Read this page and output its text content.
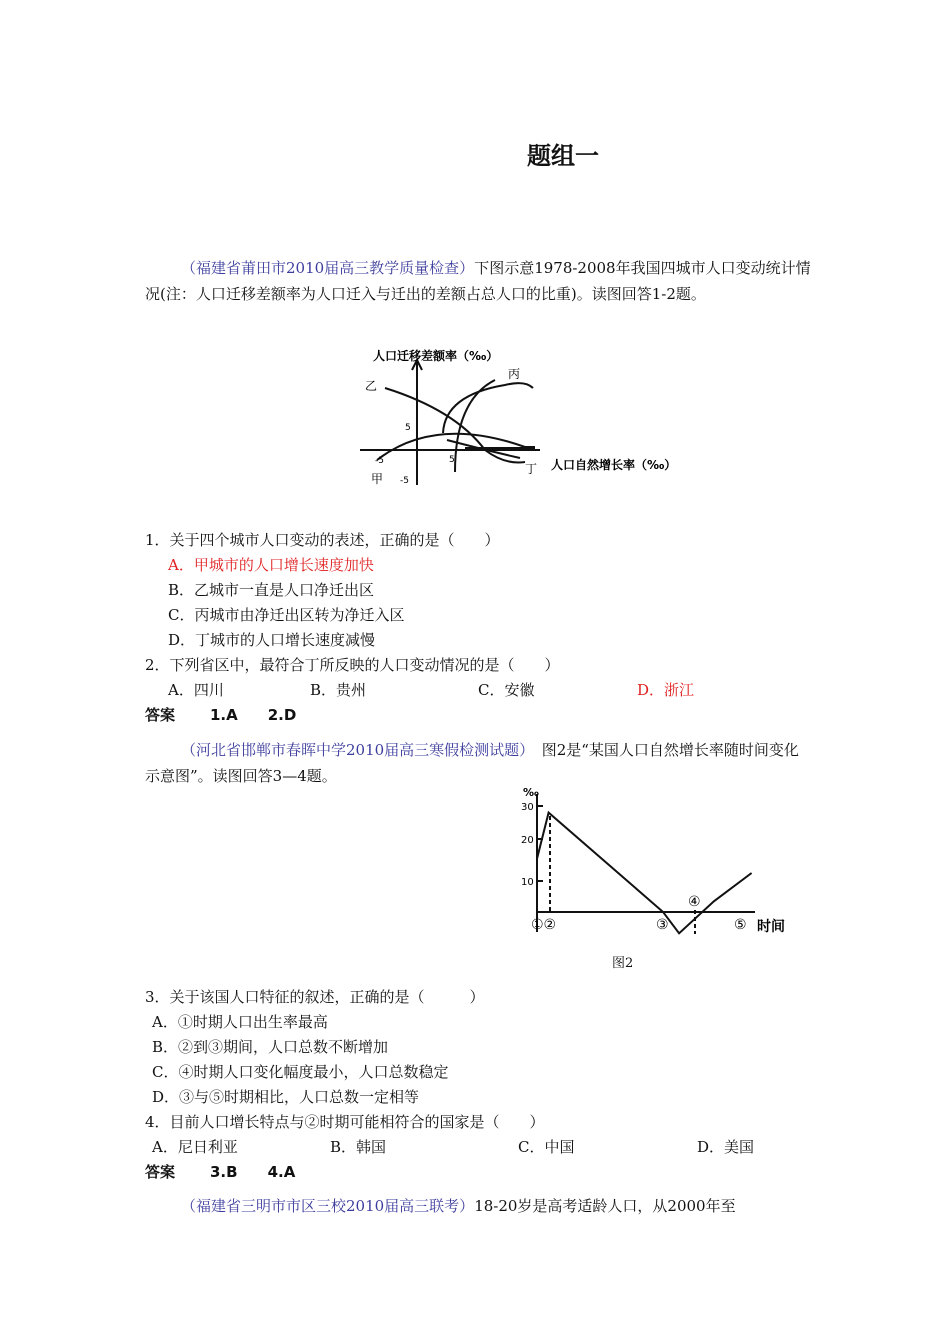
题组一
（福建省莆田市2010届高三教学质量检查）下图示意1978-2008年我国四城市人口变动统计情况(注：人口迁移差额率为人口迁入与迁出的差额占总人口的比重)。读图回答1-2题。
人口迁移差额率（‰）
人口自然增长率（‰）
5
-5
-5	5
甲
乙
丙
丁
1．关于四个城市人口变动的表述，正确的是（　　）
A．甲城市的人口增长速度加快
B．乙城市一直是人口净迁出区
C．丙城市由净迁出区转为净迁入区
D．丁城市的人口增长速度减慢
2．下列省区中，最符合丁所反映的人口变动情况的是（　　）
A．四川	B．贵州	C．安徽	D．浙江
答案 1.A　　2.D
（河北省邯郸市春晖中学2010届高三寒假检测试题）　图2是“某国人口自然增长率随时间变化示意图”。读图回答3—4题。
‰
30
20
10
①②	③
④
⑤ 时间
图2
3．关于该国人口特征的叙述，正确的是（　　　）
A．①时期人口出生率最高
B．②到③期间，人口总数不断增加
C．④时期人口变化幅度最小，人口总数稳定
D．③与⑤时期相比，人口总数一定相等
4．目前人口增长特点与②时期可能相符合的国家是（　　）
A．尼日利亚	B．韩国	C．中国	D．美国
答案 3.B　　4.A
（福建省三明市市区三校2010届高三联考）18-20岁是高考适龄人口，从2000年至
